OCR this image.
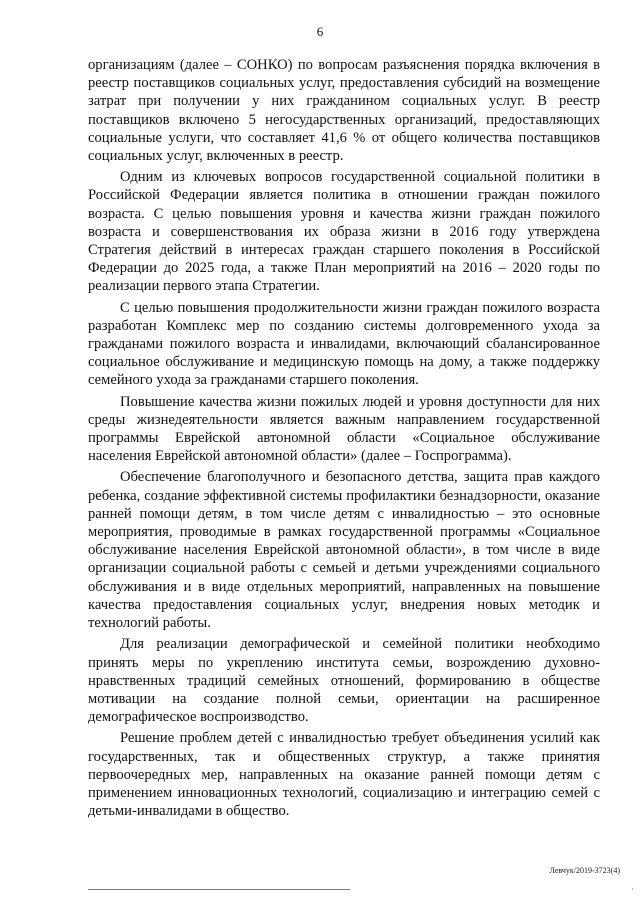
6

организациям (далее – СОНКО) по вопросам разъяснения порядка включения в реестр поставщиков социальных услуг, предоставления субсидий на возмещение затрат при получении у них гражданином социальных услуг. В реестр поставщиков включено 5 негосударственных организаций, предоставляющих социальные услуги, что составляет 41,6 % от общего количества поставщиков социальных услуг, включенных в реестр.

Одним из ключевых вопросов государственной социальной политики в Российской Федерации является политика в отношении граждан пожилого возраста. С целью повышения уровня и качества жизни граждан пожилого возраста и совершенствования их образа жизни в 2016 году утверждена Стратегия действий в интересах граждан старшего поколения в Российской Федерации до 2025 года, а также План мероприятий на 2016 – 2020 годы по реализации первого этапа Стратегии.

С целью повышения продолжительности жизни граждан пожилого возраста разработан Комплекс мер по созданию системы долговременного ухода за гражданами пожилого возраста и инвалидами, включающий сбалансированное социальное обслуживание и медицинскую помощь на дому, а также поддержку семейного ухода за гражданами старшего поколения.

Повышение качества жизни пожилых людей и уровня доступности для них среды жизнедеятельности является важным направлением государственной программы Еврейской автономной области «Социальное обслуживание населения Еврейской автономной области» (далее – Госпрограмма).

Обеспечение благополучного и безопасного детства, защита прав каждого ребенка, создание эффективной системы профилактики безнадзорности, оказание ранней помощи детям, в том числе детям с инвалидностью – это основные мероприятия, проводимые в рамках государственной программы «Социальное обслуживание населения Еврейской автономной области», в том числе в виде организации социальной работы с семьей и детьми учреждениями социального обслуживания и в виде отдельных мероприятий, направленных на повышение качества предоставления социальных услуг, внедрения новых методик и технологий работы.

Для реализации демографической и семейной политики необходимо принять меры по укреплению института семьи, возрождению духовно-нравственных традиций семейных отношений, формированию в обществе мотивации на создание полной семьи, ориентации на расширенное демографическое воспроизводство.

Решение проблем детей с инвалидностью требует объединения усилий как государственных, так и общественных структур, а также принятия первоочередных мер, направленных на оказание ранней помощи детям с применением инновационных технологий, социализацию и интеграцию семей с детьми-инвалидами в общество.

Левчук/2019-3723(4)
·
